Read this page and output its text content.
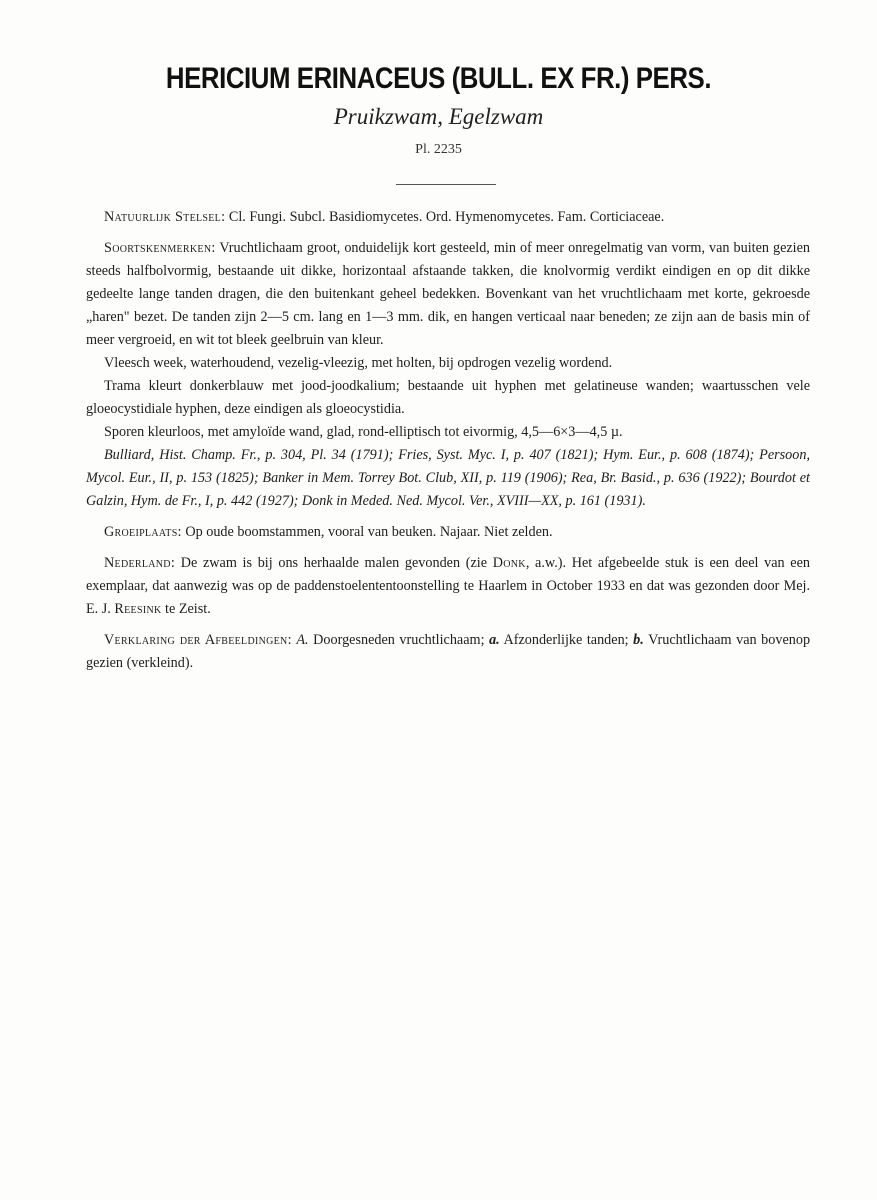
HERICIUM ERINACEUS (BULL. EX FR.) PERS.
Pruikzwam, Egelzwam
Pl. 2235

Natuurlijk Stelsel: Cl. Fungi. Subcl. Basidiomycetes. Ord. Hymenomycetes. Fam. Corticiaceae.

Soortskenmerken: Vruchtlichaam groot, onduidelijk kort gesteeld, min of meer onregelmatig van vorm, van buiten gezien steeds halfbolvormig, bestaande uit dikke, horizontaal afstaande takken, die knolvormig verdikt eindigen en op dit dikke gedeelte lange tanden dragen, die den buitenkant geheel bedekken. Bovenkant van het vruchtlichaam met korte, gekroesde „haren" bezet. De tanden zijn 2—5 cm. lang en 1—3 mm. dik, en hangen verticaal naar beneden; ze zijn aan de basis min of meer vergroeid, en wit tot bleek geelbruin van kleur.

Vleesch week, waterhoudend, vezelig-vleezig, met holten, bij opdrogen vezelig wordend.

Trama kleurt donkerblauw met jood-joodkalium; bestaande uit hyphen met gelatineuse wanden; waartusschen vele gloeocystidiale hyphen, deze eindigen als gloeocystidia.

Sporen kleurloos, met amyloïde wand, glad, rond-elliptisch tot eivormig, 4,5—6×3—4,5 µ.

Bulliard, Hist. Champ. Fr., p. 304, Pl. 34 (1791); Fries, Syst. Myc. I, p. 407 (1821); Hym. Eur., p. 608 (1874); Persoon, Mycol. Eur., II, p. 153 (1825); Banker in Mem. Torrey Bot. Club, XII, p. 119 (1906); Rea, Br. Basid., p. 636 (1922); Bourdot et Galzin, Hym. de Fr., I, p. 442 (1927); Donk in Meded. Ned. Mycol. Ver., XVIII—XX, p. 161 (1931).

Groeiplaats: Op oude boomstammen, vooral van beuken. Najaar. Niet zelden.

Nederland: De zwam is bij ons herhaalde malen gevonden (zie Donk, a.w.). Het afgebeelde stuk is een deel van een exemplaar, dat aanwezig was op de paddenstoelententoonstelling te Haarlem in October 1933 en dat was gezonden door Mej. E. J. Reesink te Zeist.

Verklaring der Afbeeldingen: A. Doorgesneden vruchtlichaam; a. Afzonderlijke tanden; b. Vruchtlichaam van bovenop gezien (verkleind).
